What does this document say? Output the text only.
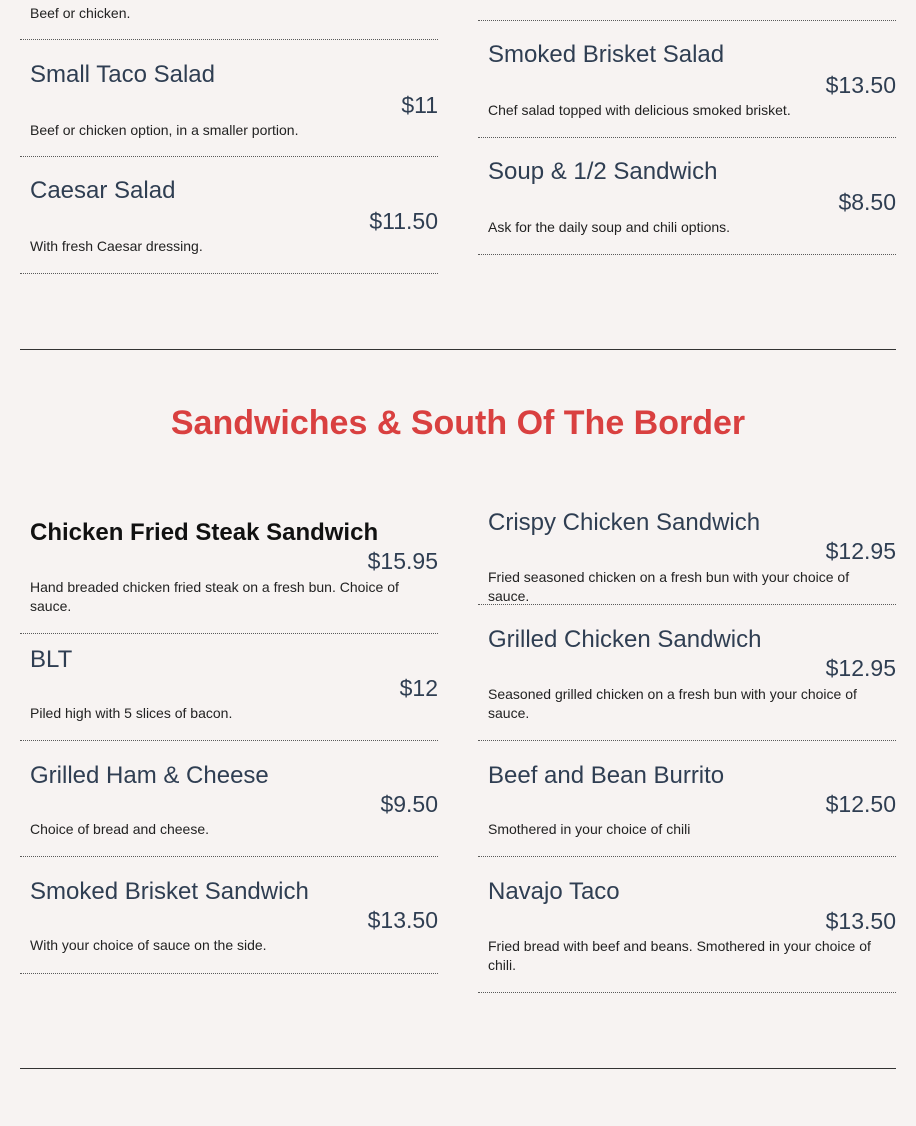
Beef or chicken.
Small Taco Salad
$11
Beef or chicken option, in a smaller portion.
Caesar Salad
$11.50
With fresh Caesar dressing.
Smoked Brisket Salad
$13.50
Chef salad topped with delicious smoked brisket.
Soup & 1/2 Sandwich
$8.50
Ask for the daily soup and chili options.
Sandwiches & South Of The Border
Chicken Fried Steak Sandwich
$15.95
Hand breaded chicken fried steak on a fresh bun. Choice of sauce.
BLT
$12
Piled high with 5 slices of bacon.
Grilled Ham & Cheese
$9.50
Choice of bread and cheese.
Smoked Brisket Sandwich
$13.50
With your choice of sauce on the side.
Crispy Chicken Sandwich
$12.95
Fried seasoned chicken on a fresh bun with your choice of sauce.
Grilled Chicken Sandwich
$12.95
Seasoned grilled chicken on a fresh bun with your choice of sauce.
Beef and Bean Burrito
$12.50
Smothered in your choice of chili
Navajo Taco
$13.50
Fried bread with beef and beans. Smothered in your choice of chili.
